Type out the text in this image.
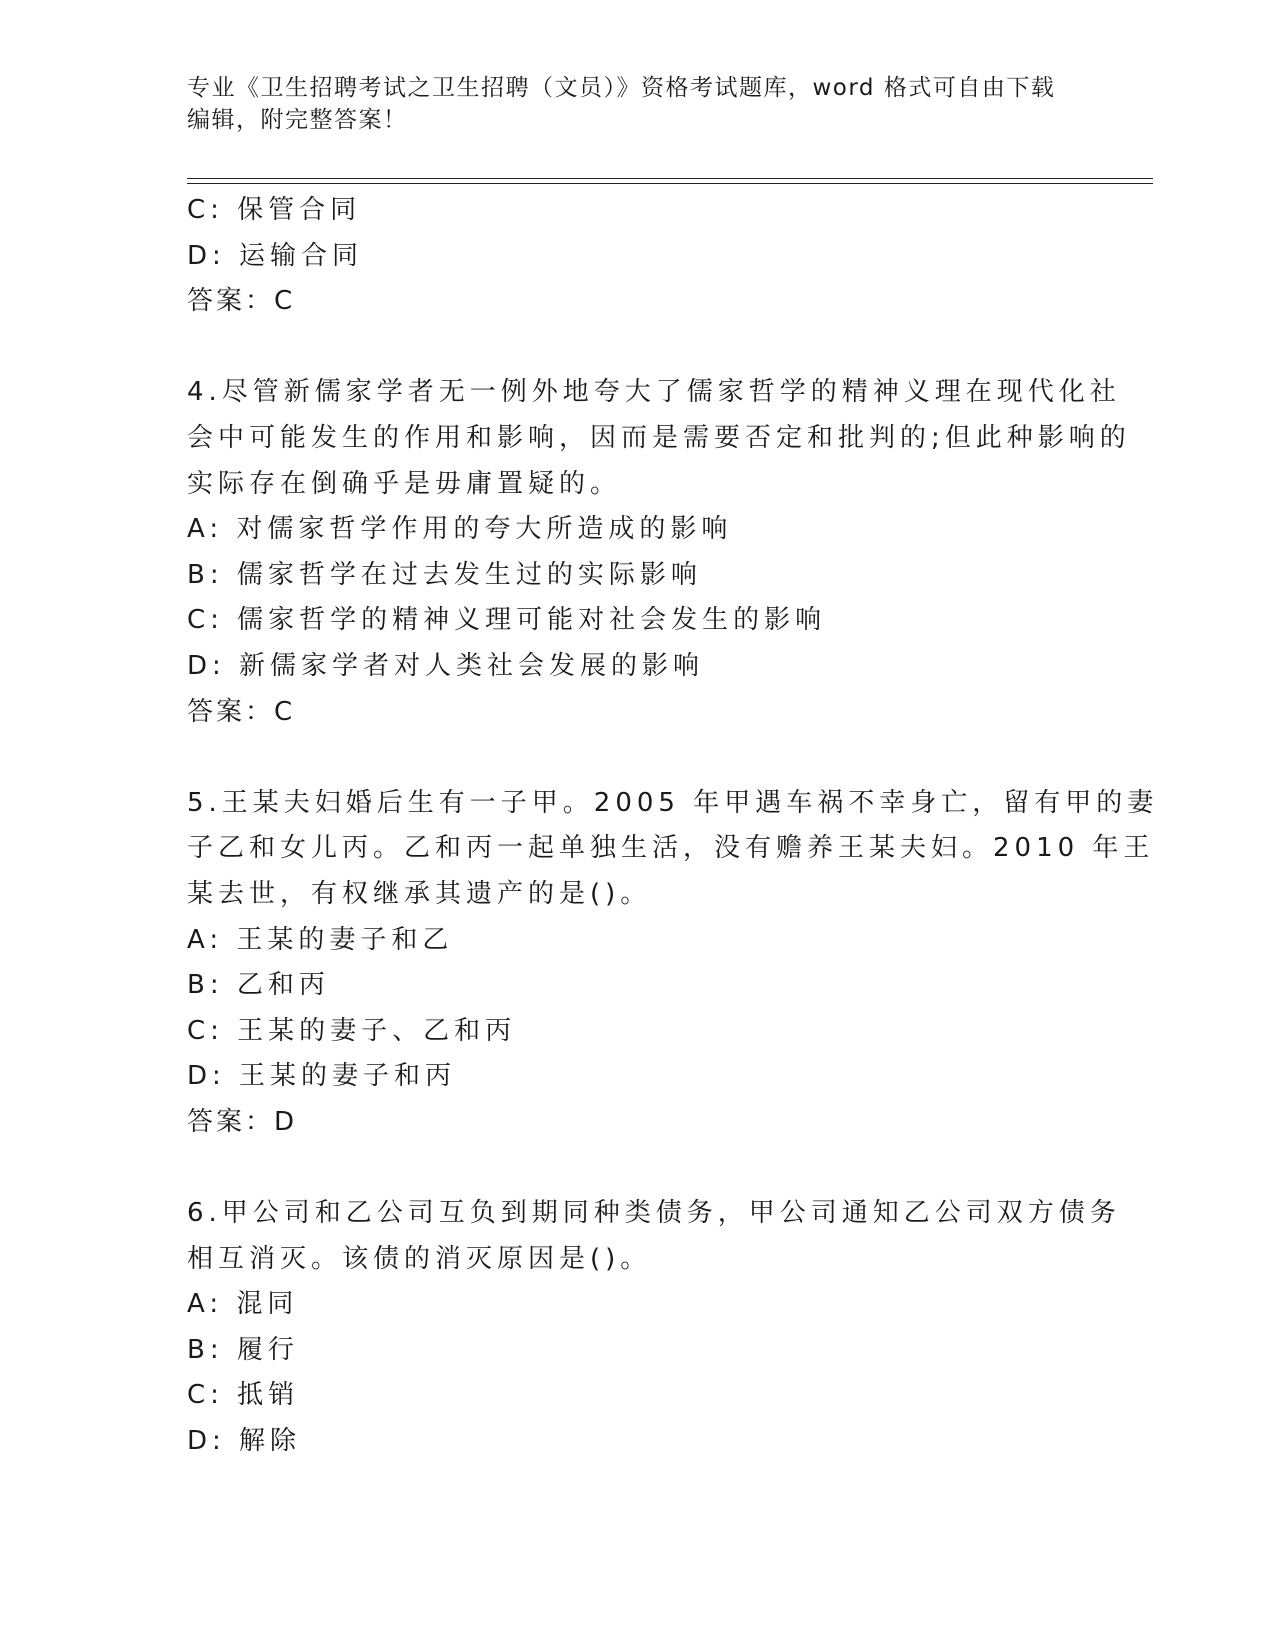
专业《卫生招聘考试之卫生招聘（文员）》资格考试题库，word 格式可自由下载
编辑，附完整答案！
C: 保管合同
D: 运输合同
答案：C
4.尽管新儒家学者无一例外地夸大了儒家哲学的精神义理在现代化社
会中可能发生的作用和影响，因而是需要否定和批判的;但此种影响的
实际存在倒确乎是毋庸置疑的。
A: 对儒家哲学作用的夸大所造成的影响
B: 儒家哲学在过去发生过的实际影响
C: 儒家哲学的精神义理可能对社会发生的影响
D: 新儒家学者对人类社会发展的影响
答案：C
5.王某夫妇婚后生有一子甲。2005 年甲遇车祸不幸身亡，留有甲的妻
子乙和女儿丙。乙和丙一起单独生活，没有赡养王某夫妇。2010 年王
某去世，有权继承其遗产的是()。
A: 王某的妻子和乙
B: 乙和丙
C: 王某的妻子、乙和丙
D: 王某的妻子和丙
答案：D
6.甲公司和乙公司互负到期同种类债务，甲公司通知乙公司双方债务
相互消灭。该债的消灭原因是()。
A: 混同
B: 履行
C: 抵销
D: 解除
